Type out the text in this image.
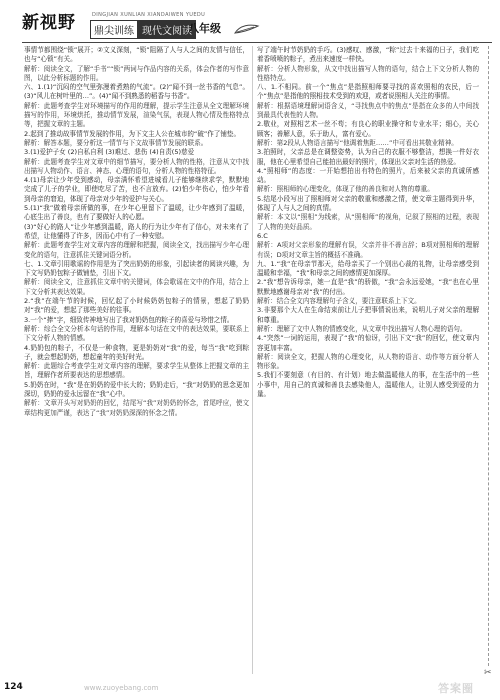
新视野	DINGJIAN XUNLIAN XIANDAIWEN YUEDU
鼎尖训练 现代文阅读
八年级

事情节都围绕“锁”展开；②文义深刻，“锁”阻隔了人与人之间的友情与信任，也与“心锁”有关。

解析：阅读全文，了解“手书”“锁”两词与作品内容的关系，体会作者的写作意图，以此分析标题的作用。

六、1.(1)“沉闷的空气里弥漫着煮熟的气流”。(2)“闻不到一丝书香的气息”。(3)“风儿在树叶里的…”。(4)“闻不到熟悉的稻香与书香”。

解析：此题考查学生对环境描写的作用的理解，提示学生注意从全文理解环境描写的作用，环境烘托，推动情节发展，渲染气氛，表现人物心情及性格特点等，把握文章的主题。

2.起到了推动故事情节发展的作用，为下文主人公在城市的“破”作了铺垫。

解析：解答本题，要分析这一情节与下文故事情节发展的联系。

3.(1)爱护子女 (2)自私自利 (3)难过、悲伤 (4)自责(5)慈爱

解析：此题考查学生对文章中的细节描写，要分析人物的性格，注意从文中找出描写人物动作、语言、神态、心理的语句，分析人物的性格特征。

4.(1)母亲让少年受到感动，母亲满怀希望进城看儿子能够继续求学，默默地完成了儿子的学业，即使吃尽了苦，也不言放弃。(2)怕少年伤心，怕少年看到母亲的窘迫，体现了母亲对少年的爱护与关心。

5.(1)“我”做着母亲所做的事，在少年心里留下了温暖，让少年感到了温暖，心底生出了善良，也有了要做好人的心愿。

(3)“好心的路人”让少年感到温暖，路人的行为让少年有了信心，对未来有了希望，让他懂得了许多，因而心中有了一种安慰。

解析：此题考查学生对文章内容的理解和把握，阅读全文，找出描写少年心理变化的语句，注意抓住关键词语分析。

七、1.文章引用歌谣的作用是为了突出奶奶的形象，引起读者的阅读兴趣，为下文写奶奶包粽子做铺垫，引出下文。

解析：阅读全文，注意抓住文章中的关键词，体会歌谣在文中的作用，结合上下文分析其表达效果。

2.“我”在端午节的时候，回忆起了小时候奶奶包粽子的情景，想起了奶奶对“我”的爱，想起了那些美好的往事。

3.一个“捧”字，细致传神地写出了我对奶奶包的粽子的喜爱与珍惜之情。

解析：综合全文分析本句话的作用，理解本句话在文中的表达效果，要联系上下文分析人物的情感。

4.奶奶包的粽子，不仅是一种食物，更是奶奶对“我”的爱，每当“我”吃到粽子，就会想起奶奶，想起童年的美好时光。

解析：此题综合考查学生对文章内容的理解，要求学生从整体上把握文章的主旨，理解作者所要表达的思想感情。

5.奶奶在时，“我”是在奶奶的爱中长大的；奶奶走后，“我”对奶奶的思念更加深切，奶奶的爱永远留在“我”心中。

解析：文章开头写对奶奶的回忆，结尾写“我”对奶奶的怀念，首尾呼应，使文章结构更加严谨，表达了“我”对奶奶深深的怀念之情。

写了端午时节奶奶的手巧。(3)感叹、感激，“粽”过去十来福的日子，我们吃着香喷喷的粽子，煮出来速度一样快。

解析：分析人物形象，从文中找出描写人物的语句，结合上下文分析人物的性格特点。

八、1.不相同。前一个“焦点”是指照相师要寻找的喜欢照相的农民，后一个“焦点”是指他的照相技术受到的欢迎，或者说照相人关注的事情。

解析：根据语境理解词语含义，“寻找焦点中的焦点”是指在众多的人中间找到最具代表性的人物。

2.敬业，对照相艺术一丝不苟；有良心的职业操守和专业水平；细心，关心顾客；善解人意，乐于助人，富有爱心。

解析：第2段从人物语言描写“他调着焦距……”中可看出其敬业精神。

3.拍照时，父亲总是在调整姿势，认为自己的衣服不够整洁，想换一件好衣服，他在心里希望自己能拍出最好的照片，体现出父亲对生活的热爱。

4.“照相师”的态度：一开始想拍出有特色的照片，后来被父亲的真诚所感动。

解析：照相师的心理变化，体现了他的善良和对人物的尊重。

5.结尾小段写出了照相师对父亲的敬重和感激之情，使文章主题得到升华，体现了人与人之间的真情。

解析：本文以“照相”为线索，从“照相师”的视角，记叙了照相的过程，表现了人物的美好品质。

6.C

解析：A项对父亲形象的理解有误，父亲并非不善言辞；B项对照相师的理解有误；D项对文章主旨的概括不准确。

九、1.“我”在母亲节那天，给母亲买了一个别出心裁的礼物，让母亲感受到温暖和幸福，“我”和母亲之间的感情更加深厚。

2.“我”想告诉母亲，她一直是“我”的骄傲，“我”会永远爱她，“我”也在心里默默地感谢母亲对“我”的付出。

解析：结合全文内容理解句子含义，要注意联系上下文。

3.非要那个大人在生命结束前让儿子把事情说出来，说明儿子对父亲的理解和尊重。

解析：理解了文中人物的情感变化，从文章中找出描写人物心理的语句。

4.“突然”一词的运用，表现了“我”的惊讶，引出下文“我”的回忆，使文章内容更加丰富。

解析：阅读全文，把握人物的心理变化，从人物的语言、动作等方面分析人物形象。

5.我们不要刻意（有目的、有计划）地去做温暖他人的事，在生活中的一些小事中，用自己的真诚和善良去感染他人，温暖他人，让别人感受到爱的力量。

✂
124	www.zuoyebang.com	答案圈
